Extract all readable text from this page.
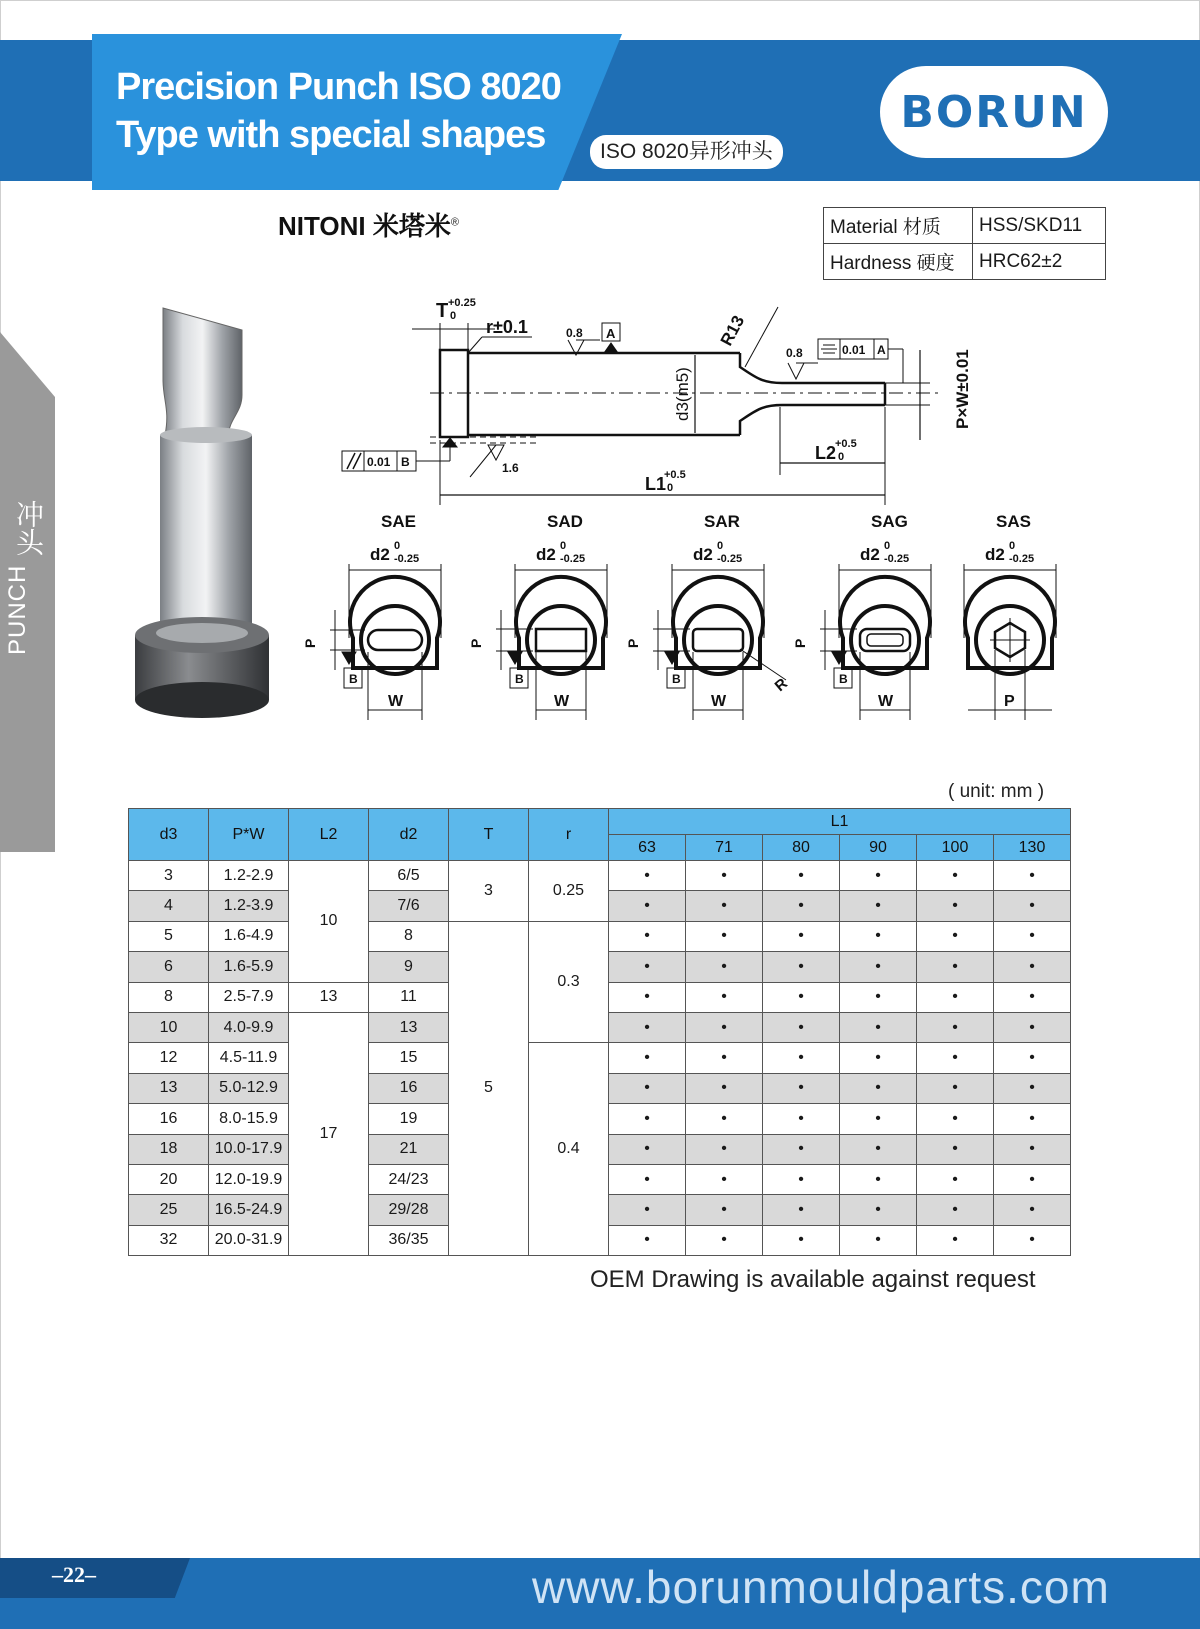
Precision Punch ISO 8020
Type with special shapes	ISO 8020异形冲头
BORUN
冲头
PUNCH
NITONI 米塔米®	Material 材质	HSS/SKD11
Hardness 硬度	HRC62±2
d3(m5)	P×W±0.01
T +0.25
0
r±0.1	0.8 A	R13
0.8	0.01 A
0.01 B	1.6
L2
+0.5
0
L1
+0.5
0
SAE
d2 0
-0.25
P
B
W
SAD
d2 0
-0.25
P
B
W
SAR
d2 0
-0.25
P
B	R
W
SAG
d2 0
-0.25
P
B
W
SAS
d2 0
-0.25
P
( unit: mm )
d3	P*W	L2	d2	T	r	L1					
						63	71	80	90	100	130
3	1.2-2.9	10	6/5	3	0.25	•	•	•	•	•	•
4	1.2-3.9		7/6			•	•	•	•	•	•
5	1.6-4.9		8	5	0.3	•	•	•	•	•	•
6	1.6-5.9		9			•	•	•	•	•	•
8	2.5-7.9	13	11			•	•	•	•	•	•
10	4.0-9.9	17	13			•	•	•	•	•	•
12	4.5-11.9		15		0.4	•	•	•	•	•	•
13	5.0-12.9		16			•	•	•	•	•	•
16	8.0-15.9		19			•	•	•	•	•	•
18	10.0-17.9		21			•	•	•	•	•	•
20	12.0-19.9		24/23			•	•	•	•	•	•
25	16.5-24.9		29/28			•	•	•	•	•	•
32	20.0-31.9		36/35			•	•	•	•	•	•
OEM Drawing is available against request
–22–	www.borunmouldparts.com
